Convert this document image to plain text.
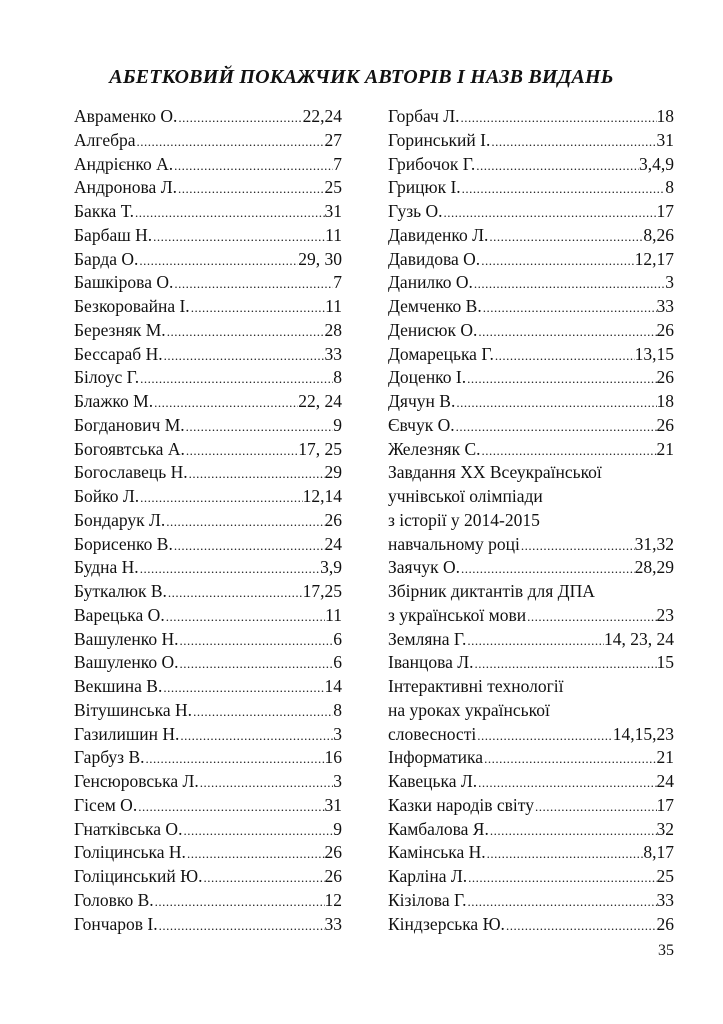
АБЕТКОВИЙ ПОКАЖЧИК АВТОРІВ І НАЗВ ВИДАНЬ
Авраменко О. .....	22,24
Алгебра .....	27
Андрієнко А. .....	7
Андронова Л. .....	25
Бакка Т. .....	31
Барбаш Н. .....	11
Барда О. .....	29, 30
Башкірова О. .....	7
Безкоровайна І. .....	11
Березняк М. .....	28
Бессараб Н. .....	33
Білоус Г. .....	8
Блажко М. .....	22, 24
Богданович М. .....	9
Богоявтська А. .....	17, 25
Богославець Н. .....	29
Бойко Л. .....	12,14
Бондарук Л. .....	26
Борисенко В. .....	24
Будна Н. .....	3,9
Буткалюк В. .....	17,25
Варецька О. .....	11
Вашуленко Н. .....	6
Вашуленко О. .....	6
Векшина В. .....	14
Вітушинська Н. .....	8
Газилишин Н. .....	3
Гарбуз В. .....	16
Генсюровська Л. .....	3
Гісем О. .....	31
Гнатківська О. .....	9
Голіцинська Н. .....	26
Голіцинський Ю. .....	26
Головко В. .....	12
Гончаров І. .....	33
Горбач Л. .....	18
Горинський І. .....	31
Грибочок Г. .....	3,4,9
Грицюк І. .....	8
Гузь О. .....	17
Давиденко Л. .....	8,26
Давидова О. .....	12,17
Данилко О. .....	3
Демченко В. .....	33
Денисюк О. .....	26
Домарецька Г. .....	13,15
Доценко І. .....	26
Дячун В. .....	18
Євчук О. .....	26
Железняк С. .....	21
Завдання XX Всеукраїнської
учнівської олімпіади
з історії у 2014-2015
навчальному році .....	31,32
Заячук О. .....	28,29
Збірник диктантів для ДПА
з української мови .....	23
Земляна Г. .....	14, 23, 24
Іванцова Л. .....	15
Інтерактивні технології
на уроках української
словесності .....	14,15,23
Інформатика .....	21
Кавецька Л. .....	24
Казки народів світу .....	17
Камбалова Я. .....	32
Камінська Н. .....	8,17
Карліна Л. .....	25
Кізілова Г. .....	33
Кіндзерська Ю. .....	26
35
